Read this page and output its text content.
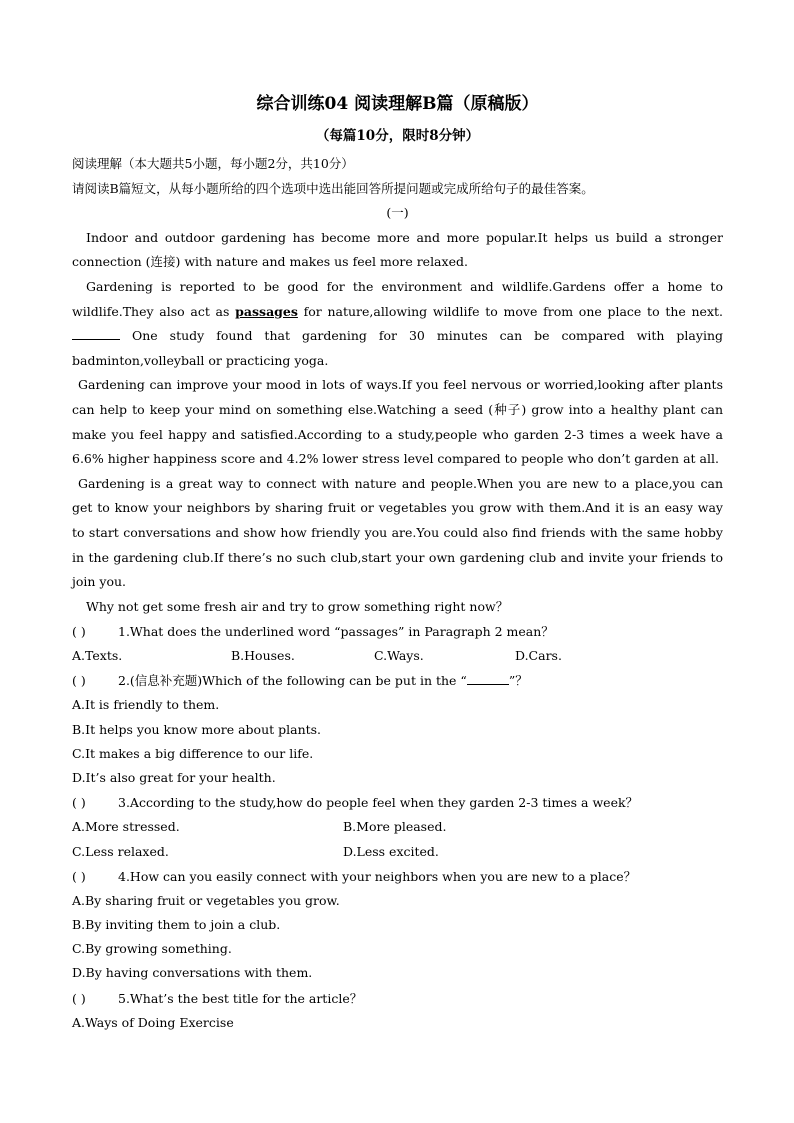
综合训练04 阅读理解B篇（原稿版）

（每篇10分，限时8分钟）

阅读理解（本大题共5小题，每小题2分，共10分）

请阅读B篇短文，从每小题所给的四个选项中选出能回答所提问题或完成所给句子的最佳答案。

(一)

Indoor and outdoor gardening has become more and more popular.It helps us build a stronger connection (连接) with nature and makes us feel more relaxed.

Gardening is reported to be good for the environment and wildlife.Gardens offer a home to wildlife.They also act as passages for nature,allowing wildlife to move from one place to the next. One study found that gardening for 30 minutes can be compared with playing badminton,volleyball or practicing yoga.

Gardening can improve your mood in lots of ways.If you feel nervous or worried,looking after plants can help to keep your mind on something else.Watching a seed (种子) grow into a healthy plant can make you feel happy and satisfied.According to a study,people who garden 2-3 times a week have a 6.6% higher happiness score and 4.2% lower stress level compared to people who don’t garden at all.

Gardening is a great way to connect with nature and people.When you are new to a place,you can get to know your neighbors by sharing fruit or vegetables you grow with them.And it is an easy way to start conversations and show how friendly you are.You could also find friends with the same hobby in the gardening club.If there’s no such club,start your own gardening club and invite your friends to join you.

Why not get some fresh air and try to grow something right now？

( )	1.What does the underlined word “passages” in Paragraph 2 mean？

A.Texts.	B.Houses.	C.Ways.	D.Cars.

( )	2.(信息补充题)Which of the following can be put in the “	”？

A.It is friendly to them.

B.It helps you know more about plants.

C.It makes a big difference to our life.

D.It’s also great for your health.

( )	3.According to the study,how do people feel when they garden 2-3 times a week？

A.More stressed.	B.More pleased.
C.Less relaxed.	D.Less excited.

( )	4.How can you easily connect with your neighbors when you are new to a place？

A.By sharing fruit or vegetables you grow.

B.By inviting them to join a club.

C.By growing something.

D.By having conversations with them.

( )	5.What’s the best title for the article？

A.Ways of Doing Exercise
